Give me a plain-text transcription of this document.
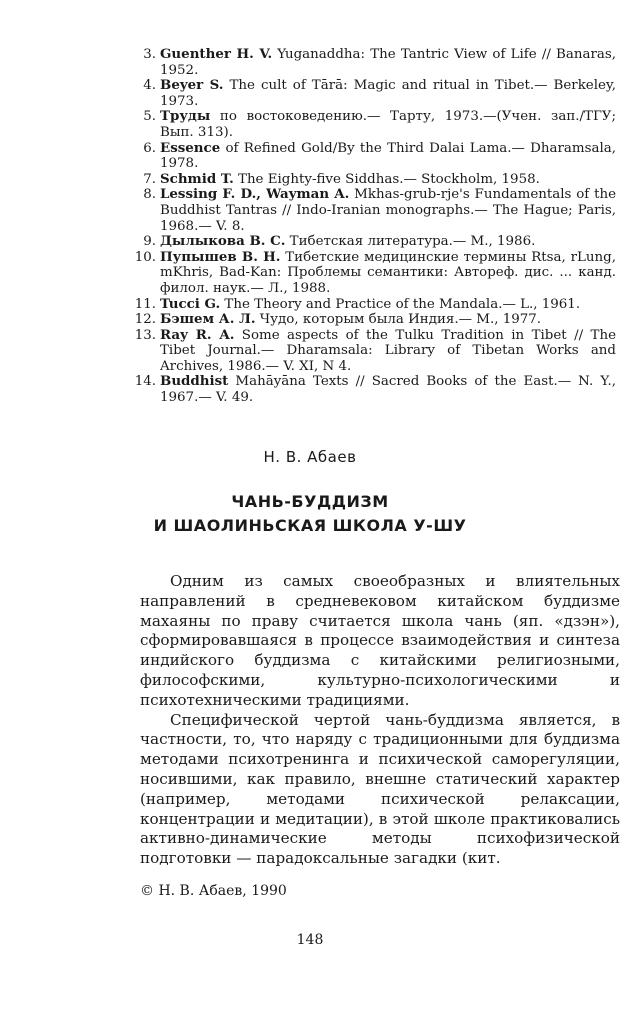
3. Guenther H. V. Yuganaddha: The Tantric View of Life // Banaras, 1952.
4. Beyer S. The cult of Tārā: Magic and ritual in Tibet.— Berkeley, 1973.
5. Труды по востоковедению.— Тарту, 1973.—(Учен. зап./ТГУ; Вып. 313).
6. Essence of Refined Gold/By the Third Dalai Lama.— Dharamsala, 1978.
7. Schmid T. The Eighty-five Siddhas.— Stockholm, 1958.
8. Lessing F. D., Wayman A. Mkhas-grub-rje's Fundamentals of the Buddhist Tantras // Indo-Iranian monographs.— The Hague; Paris, 1968.— V. 8.
9. Дылыкова В. С. Тибетская литература.— М., 1986.
10. Пупышев В. Н. Тибетские медицинские термины Rtsa, rLung, mKhris, Bad-Kan: Проблемы семантики: Автореф. дис. ... канд. филол. наук.— Л., 1988.
11. Tucci G. The Theory and Practice of the Mandala.— L., 1961.
12. Бэшем А. Л. Чудо, которым была Индия.— М., 1977.
13. Ray R. A. Some aspects of the Tulku Tradition in Tibet // The Tibet Journal.— Dharamsala: Library of Tibetan Works and Archives, 1986.— V. XI, N 4.
14. Buddhist Mahāyāna Texts // Sacred Books of the East.— N. Y., 1967.— V. 49.
Н. В. Абаев
ЧАНЬ-БУДДИЗМ
И ШАОЛИНЬСКАЯ ШКОЛА У-ШУ

Одним из самых своеобразных и влиятельных направлений в средневековом китайском буддизме махаяны по праву считается школа чань (яп. «дзэн»), сформировавшаяся в процессе взаимодействия и синтеза индийского буддизма с китайскими религиозными, философскими, культурно-психологическими и психотехническими традициями.

Специфической чертой чань-буддизма является, в частности, то, что наряду с традиционными для буддизма методами психотренинга и психической саморегуляции, носившими, как правило, внешне статический характер (например, методами психической релаксации, концентрации и медитации), в этой школе практиковались активно-динамические методы психофизической подготовки — парадоксальные загадки (кит.

© Н. В. Абаев, 1990
148
